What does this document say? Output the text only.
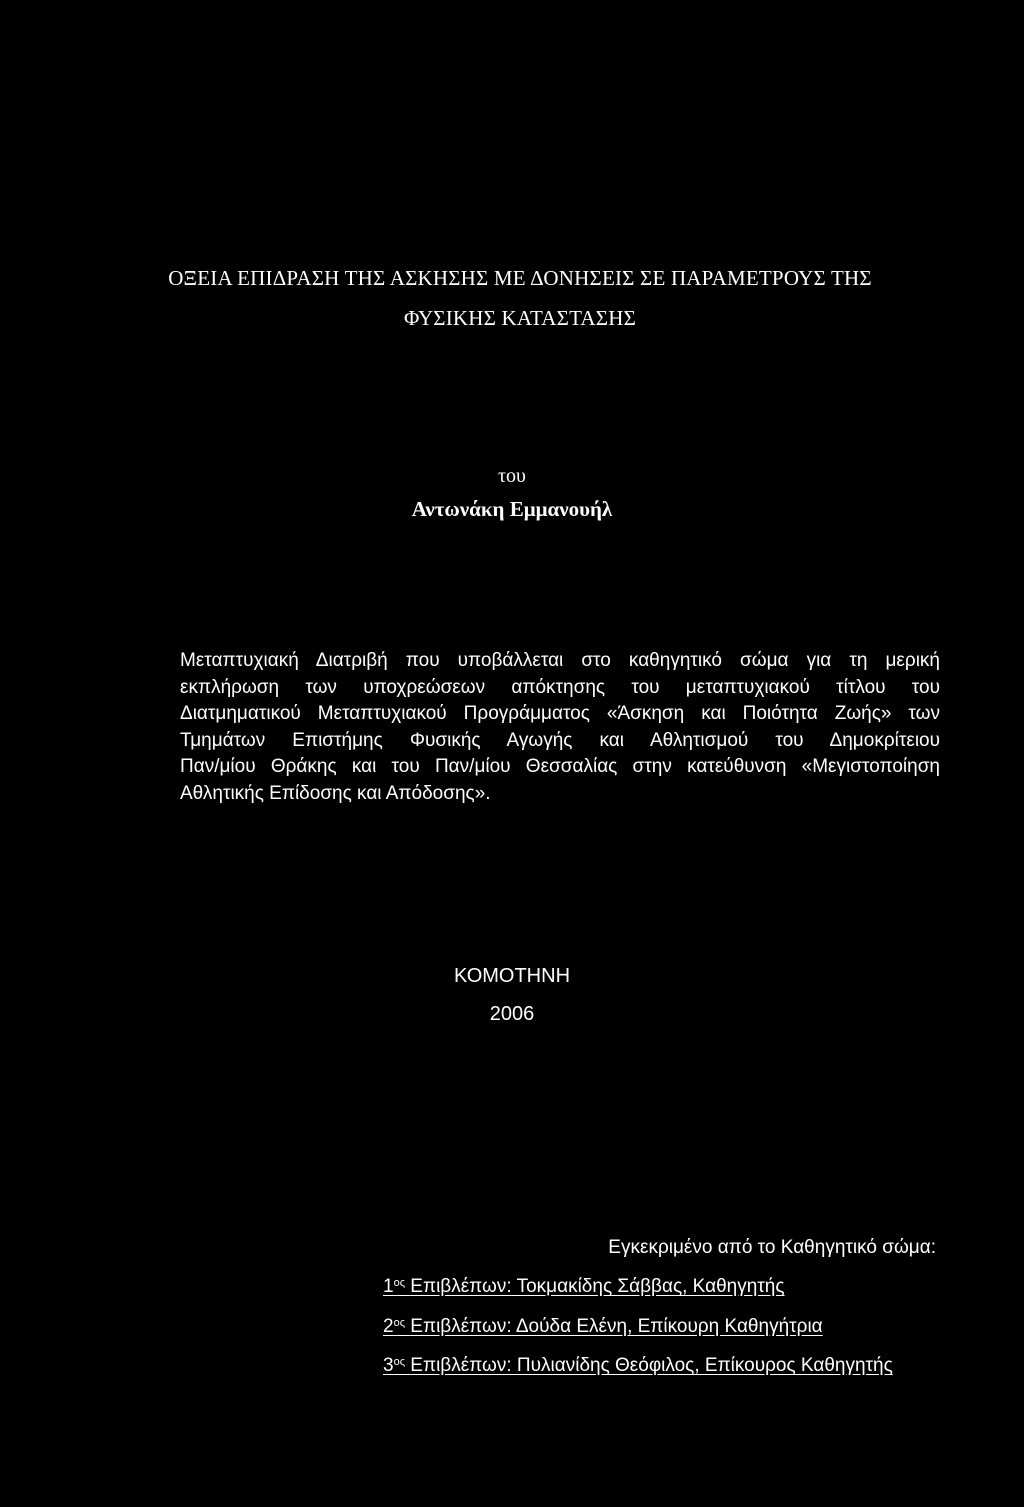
ΟΞΕΙΑ ΕΠΙΔΡΑΣΗ ΤΗΣ ΑΣΚΗΣΗΣ ΜΕ ΔΟΝΗΣΕΙΣ ΣΕ ΠΑΡΑΜΕΤΡΟΥΣ ΤΗΣ
ΦΥΣΙΚΗΣ ΚΑΤΑΣΤΑΣΗΣ
του
Αντωνάκη Εμμανουήλ
Μεταπτυχιακή Διατριβή που υποβάλλεται στο καθηγητικό σώμα για τη μερική
εκπλήρωση των υποχρεώσεων απόκτησης του μεταπτυχιακού τίτλου του
Διατμηματικού Μεταπτυχιακού Προγράμματος «Άσκηση και Ποιότητα Ζωής» των
Τμημάτων Επιστήμης Φυσικής Αγωγής και Αθλητισμού του Δημοκρίτειου
Παν/μίου Θράκης και του Παν/μίου Θεσσαλίας στην κατεύθυνση «Μεγιστοποίηση
Αθλητικής Επίδοσης και Απόδοσης».
ΚΟΜΟΤΗΝΗ
2006
Εγκεκριμένο από το Καθηγητικό σώμα:
$1^{o\varsigma}$ Επιβλέπων: Τοκμακίδης Σάββας, Καθηγητής
$2^{o\varsigma}$ Επιβλέπων: Δούδα Ελένη, Επίκουρη Καθηγήτρια
$3^{o\varsigma}$ Επιβλέπων: Πυλιανίδης Θεόφιλος, Επίκουρος Καθηγητής
